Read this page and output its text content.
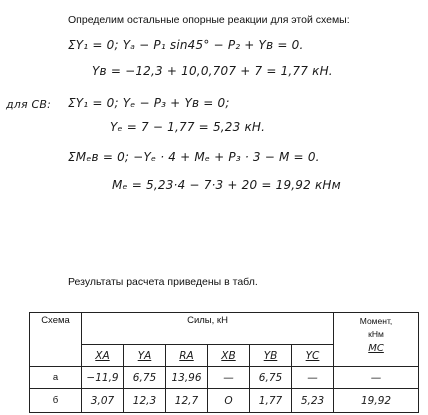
Определим остальные опорные реакции для этой схемы:
ΣY₁ = 0; Yₐ − P₁ sin45° − P₂ + Yв = 0.
Yв = −12,3 + 10,0,707 + 7 = 1,77 кН.
для СВ: ΣY₁ = 0; Yₑ − P₃ + Yв = 0;
Yₑ = 7 − 1,77 = 5,23 кН.
ΣMₑв = 0; −Yₑ · 4 + Mₑ + P₃ · 3 − M = 0.
Mₑ = 5,23·4 − 7·3 + 20 = 19,92 кНм
Результаты расчета приведены в табл.
Схема	Силы, кН						Момент,
кНм
MС

	XА	YА	RА	XВ	YВ	YС	
а	−11,9	6,75	13,96	—	6,75	—	—
б	3,07	12,3	12,7	O	1,77	5,23	19,92
